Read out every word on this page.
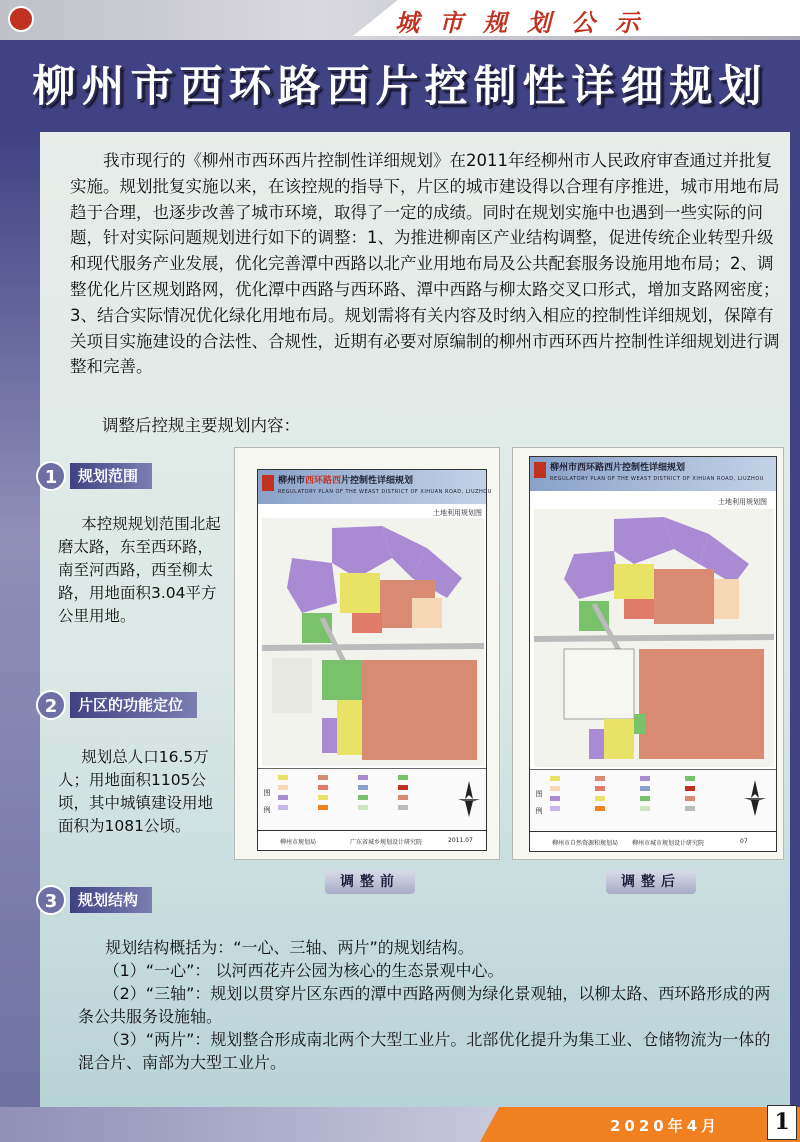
城市规划公示
柳州市西环路西片控制性详细规划

我市现行的《柳州市西环西片控制性详细规划》在2011年经柳州市人民政府审查通过并批复实施。规划批复实施以来，在该控规的指导下，片区的城市建设得以合理有序推进，城市用地布局趋于合理，也逐步改善了城市环境，取得了一定的成绩。同时在规划实施中也遇到一些实际的问题，针对实际问题规划进行如下的调整：1、为推进柳南区产业结构调整，促进传统企业转型升级和现代服务产业发展，优化完善潭中西路以北产业用地布局及公共配套服务设施用地布局；2、调整优化片区规划路网，优化潭中西路与西环路、潭中西路与柳太路交叉口形式，增加支路网密度；3、结合实际情况优化绿化用地布局。规划需将有关内容及时纳入相应的控制性详细规划，保障有关项目实施建设的合法性、合规性，近期有必要对原编制的柳州市西环西片控制性详细规划进行调整和完善。

调整后控规主要规划内容：
1	规划范围

本控规规划范围北起磨太路，东至西环路，南至河西路，西至柳太路，用地面积3.04平方公里用地。

2	片区的功能定位

规划总人口16.5万人；用地面积1105公顷，其中城镇建设用地面积为1081公顷。

3	规划结构
柳州市西环路西片控制性详细规划
REGULATORY PLAN OF THE WEAST DISTRICT OF XIHUAN ROAD, LIUZHOU
土地利用规划图
图例
柳州市规划局	广东省城乡规划设计研究院	2011.07
调整前
柳州市西环路西片控制性详细规划
REGULATORY PLAN OF THE WEAST DISTRICT OF XIHUAN ROAD, LIUZHOU
土地利用规划图
图例
柳州市自然资源和规划局 柳州市城市规划设计研究院	07
调整后

规划结构概括为：“一心、三轴、两片”的规划结构。

（1）“一心”： 以河西花卉公园为核心的生态景观中心。

（2）“三轴”：规划以贯穿片区东西的潭中西路两侧为绿化景观轴，以柳太路、西环路形成的两条公共服务设施轴。

（3）“两片”：规划整合形成南北两个大型工业片。北部优化提升为集工业、仓储物流为一体的混合片、南部为大型工业片。

2020年4月	1
